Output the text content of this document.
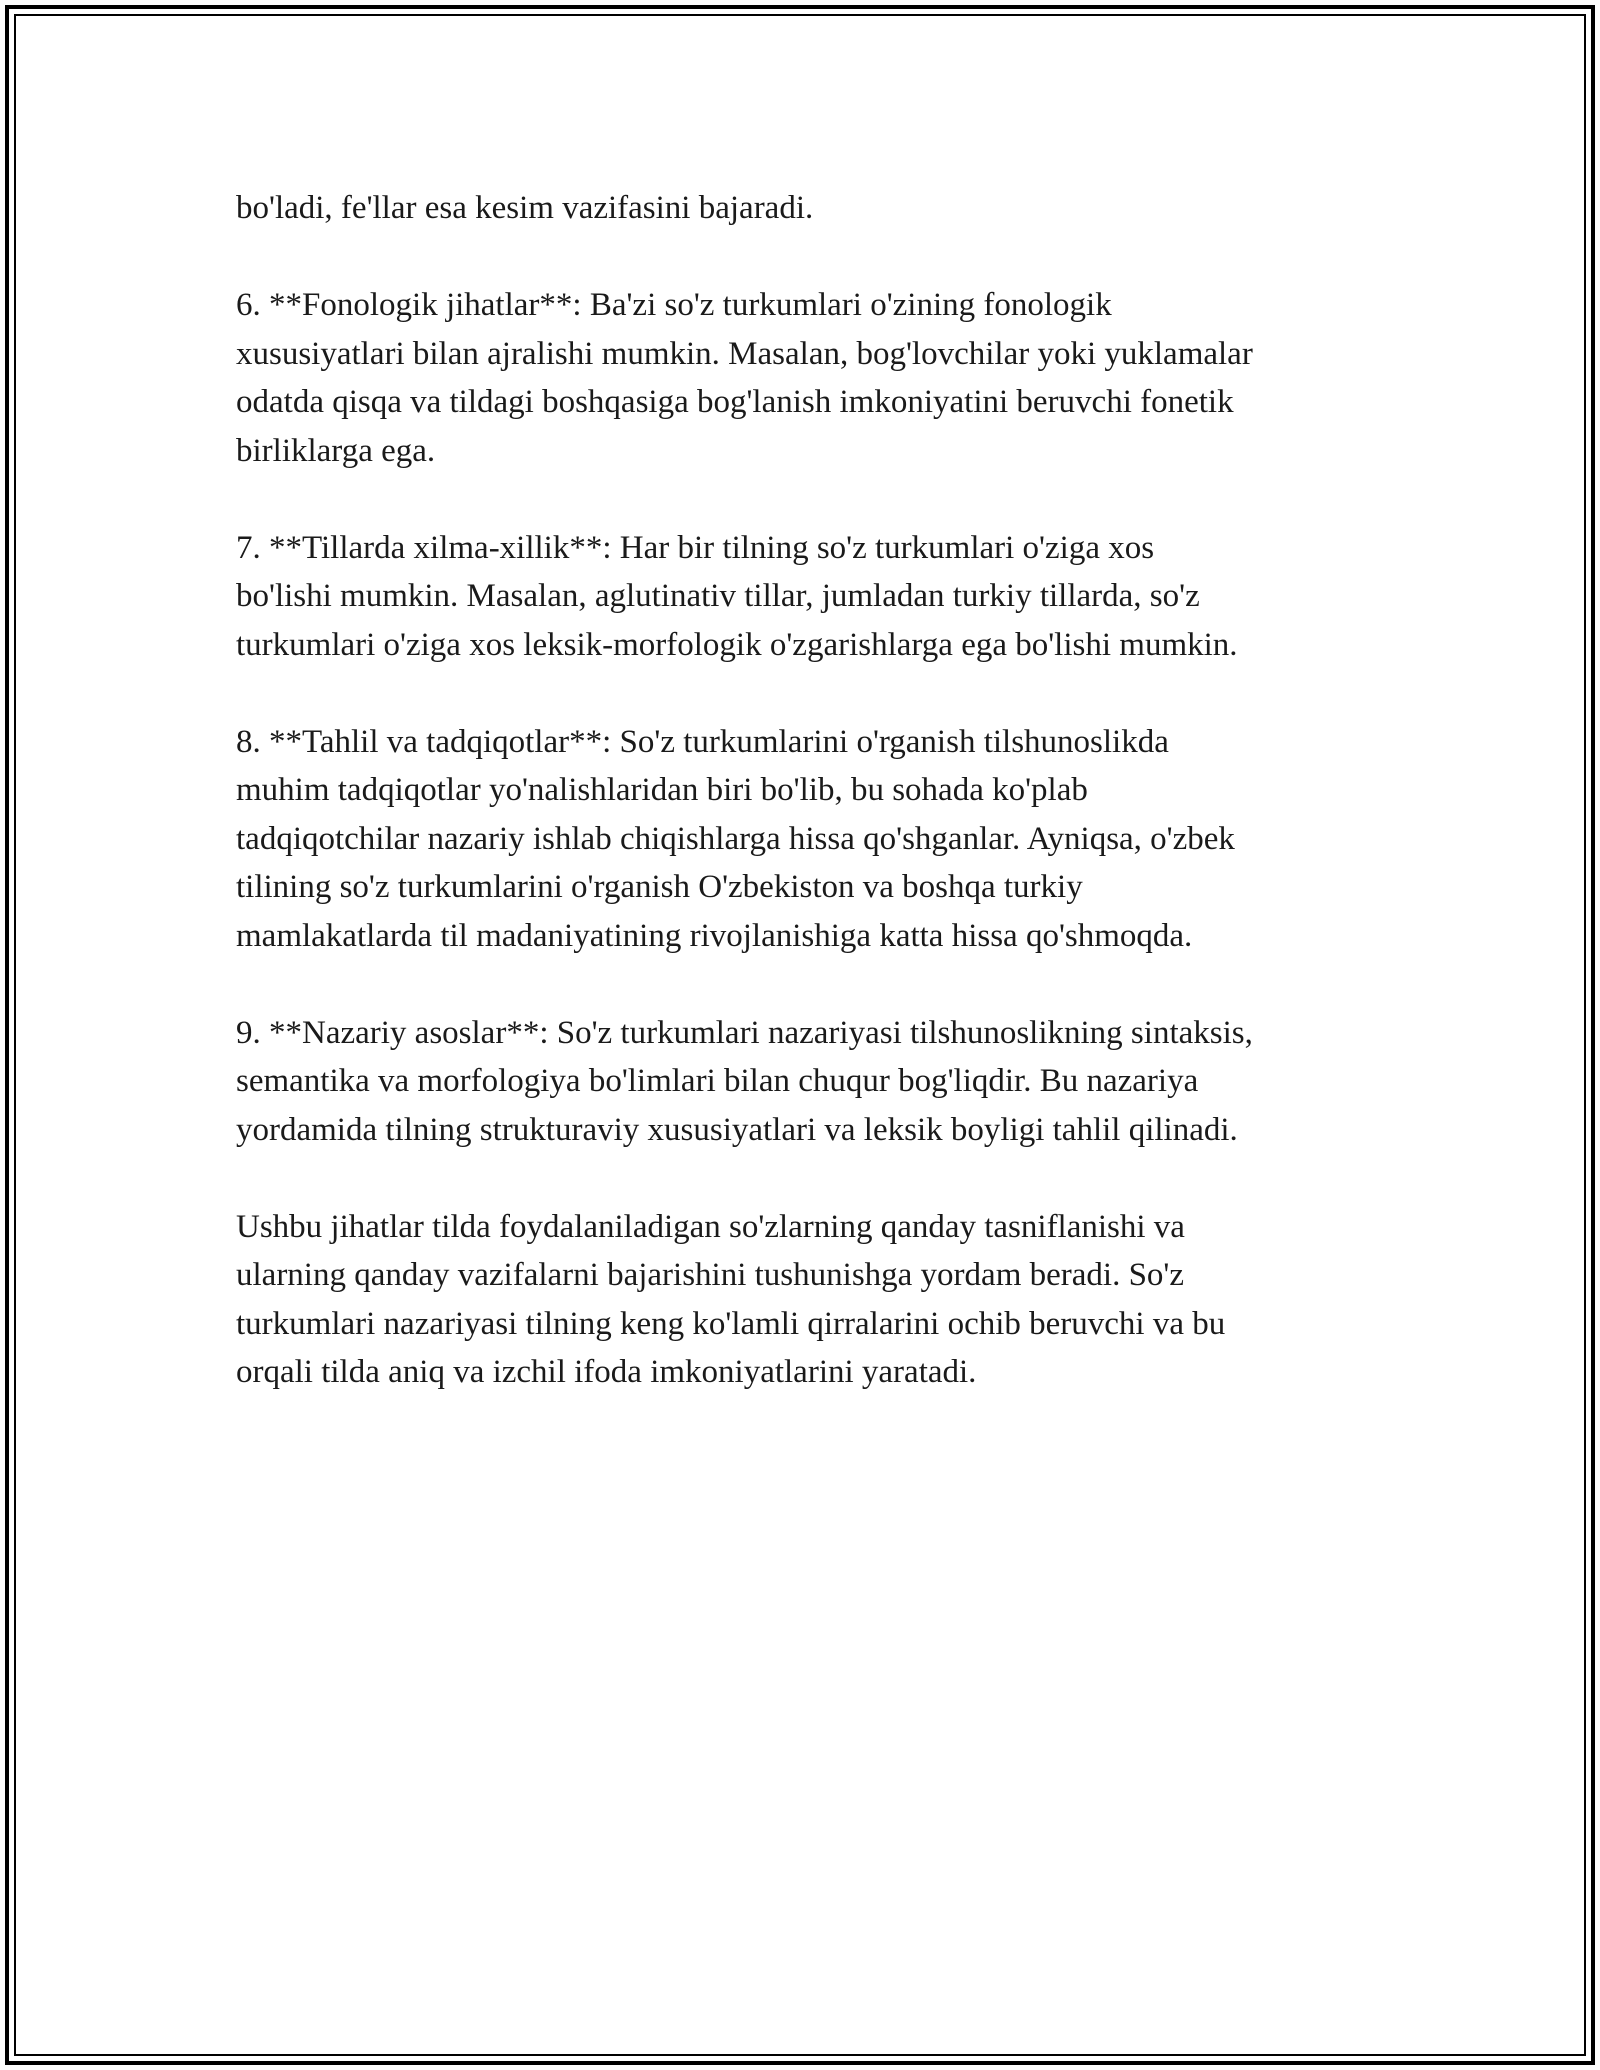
bo'ladi, fe'llar esa kesim vazifasini bajaradi.

6. **Fonologik jihatlar**: Ba'zi so'z turkumlari o'zining fonologik
xususiyatlari bilan ajralishi mumkin. Masalan, bog'lovchilar yoki yuklamalar
odatda qisqa va tildagi boshqasiga bog'lanish imkoniyatini beruvchi fonetik
birliklarga ega.

7. **Tillarda xilma-xillik**: Har bir tilning so'z turkumlari o'ziga xos
bo'lishi mumkin. Masalan, aglutinativ tillar, jumladan turkiy tillarda, so'z
turkumlari o'ziga xos leksik-morfologik o'zgarishlarga ega bo'lishi mumkin.

8. **Tahlil va tadqiqotlar**: So'z turkumlarini o'rganish tilshunoslikda
muhim tadqiqotlar yo'nalishlaridan biri bo'lib, bu sohada ko'plab
tadqiqotchilar nazariy ishlab chiqishlarga hissa qo'shganlar. Ayniqsa, o'zbek
tilining so'z turkumlarini o'rganish O'zbekiston va boshqa turkiy
mamlakatlarda til madaniyatining rivojlanishiga katta hissa qo'shmoqda.

9. **Nazariy asoslar**: So'z turkumlari nazariyasi tilshunoslikning sintaksis,
semantika va morfologiya bo'limlari bilan chuqur bog'liqdir. Bu nazariya
yordamida tilning strukturaviy xususiyatlari va leksik boyligi tahlil qilinadi.

Ushbu jihatlar tilda foydalaniladigan so'zlarning qanday tasniflanishi va
ularning qanday vazifalarni bajarishini tushunishga yordam beradi. So'z
turkumlari nazariyasi tilning keng ko'lamli qirralarini ochib beruvchi va bu
orqali tilda aniq va izchil ifoda imkoniyatlarini yaratadi.
